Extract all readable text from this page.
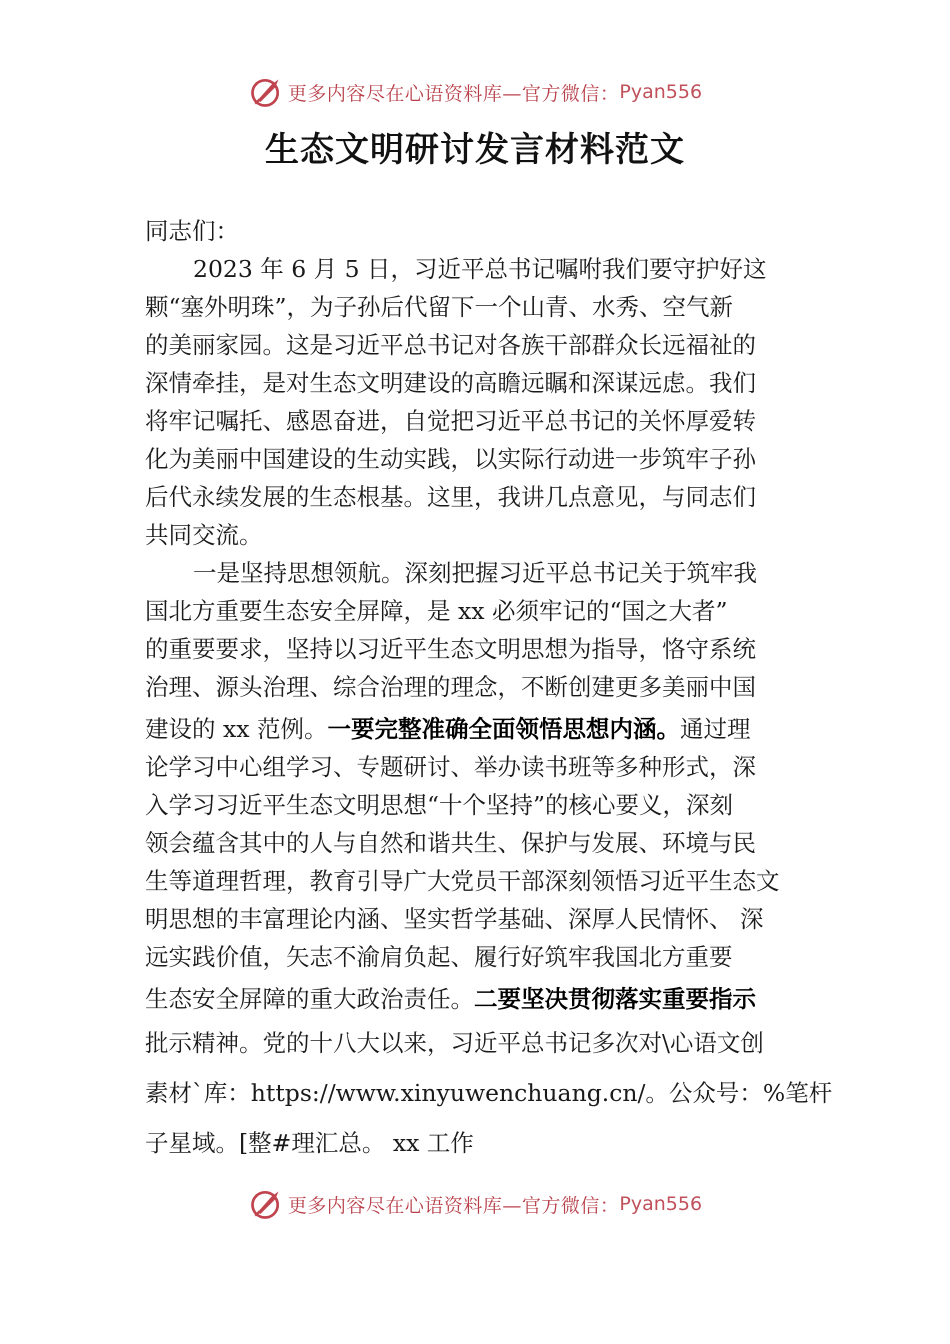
更多内容尽在心语资料库—官方微信： Pyan556
生态文明研讨发言材料范文
同志们：
2023 年 6 月 5 日，习近平总书记嘱咐我们要守护好这
颗“塞外明珠”，为子孙后代留下一个山青、水秀、空气新
的美丽家园。这是习近平总书记对各族干部群众长远福祉的
深情牵挂，是对生态文明建设的高瞻远瞩和深谋远虑。我们
将牢记嘱托、感恩奋进，自觉把习近平总书记的关怀厚爱转
化为美丽中国建设的生动实践，以实际行动进一步筑牢子孙
后代永续发展的生态根基。这里，我讲几点意见，与同志们
共同交流。
一是坚持思想领航。深刻把握习近平总书记关于筑牢我
国北方重要生态安全屏障，是 xx 必须牢记的“国之大者”
的重要要求，坚持以习近平生态文明思想为指导，恪守系统
治理、源头治理、综合治理的理念，不断创建更多美丽中国
建设的 xx 范例。一要完整准确全面领悟思想内涵。通过理
论学习中心组学习、专题研讨、举办读书班等多种形式，深
入学习习近平生态文明思想“十个坚持”的核心要义，深刻
领会蕴含其中的人与自然和谐共生、保护与发展、环境与民
生等道理哲理，教育引导广大党员干部深刻领悟习近平生态文
明思想的丰富理论内涵、坚实哲学基础、深厚人民情怀、 深
远实践价值，矢志不渝肩负起、履行好筑牢我国北方重要
生态安全屏障的重大政治责任。二要坚决贯彻落实重要指示
批示精神。党的十八大以来，习近平总书记多次对\心语文创
素材`库：https://www.xinyuwenchuang.cn/。公众号：%笔杆
子星域。[整#理汇总。 xx 工作
更多内容尽在心语资料库—官方微信： Pyan556
